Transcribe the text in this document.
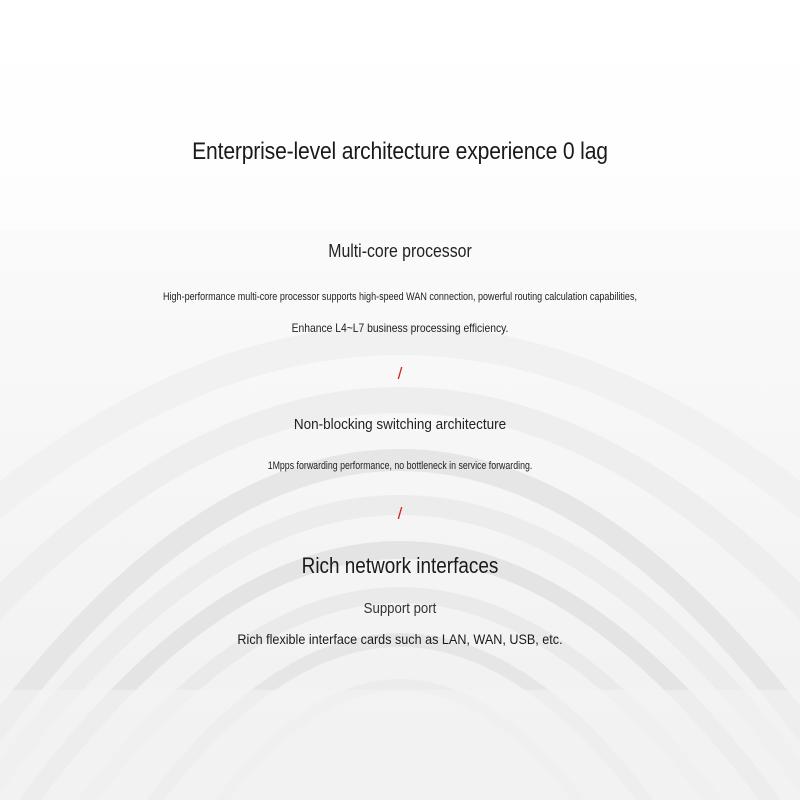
Enterprise-level architecture experience 0 lag
Multi-core processor
High-performance multi-core processor supports high-speed WAN connection, powerful routing calculation capabilities,
Enhance L4~L7 business processing efficiency.
/
Non-blocking switching architecture
1Mpps forwarding performance, no bottleneck in service forwarding.
/
Rich network interfaces
Support port
Rich flexible interface cards such as LAN, WAN, USB, etc.
